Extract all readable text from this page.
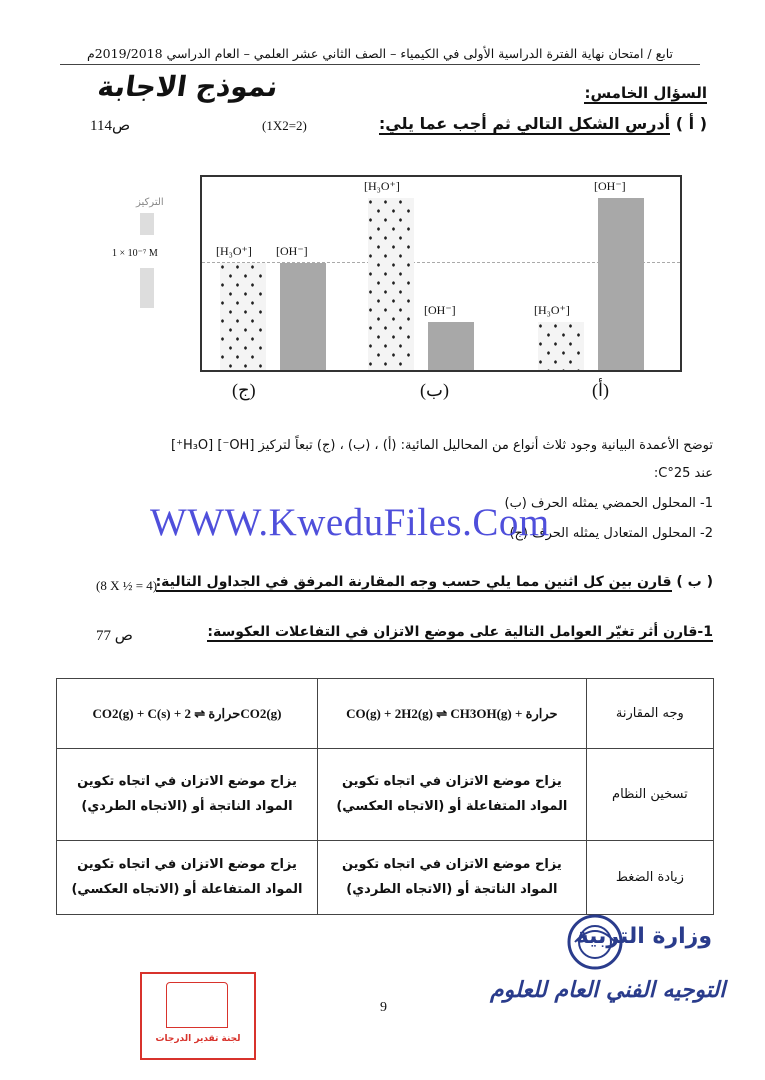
تابع / امتحان نهاية الفترة الدراسية الأولى في الكيمياء – الصف الثاني عشر العلمي – العام الدراسي 2019/2018م
نموذج الاجابة	السؤال الخامس:
( أ ) أدرس الشكل التالي ثم أجب عما يلي:
(1X2=2)
ص114
التركيز
1 × 10⁻⁷ M	[H₃O⁺] [OH⁻]
[H₃O⁺]
[OH⁻]	[H₃O⁺]
[OH⁻]
(ج)	(ب)	(أ)
توضح الأعمدة البيانية وجود ثلاث أنواع من المحاليل المائية: (أ) ، (ب) ، (ج) تبعاً لتركيز [OH⁻] [H₃O⁺]
عند 25°C:
1- المحلول الحمضي يمثله الحرف (ب)
2- المحلول المتعادل يمثله الحرف (ج)
WWW.KweduFiles.Com
( ب ) قارن بين كل اثنين مما يلي حسب وجه المقارنة المرفق في الجداول التالية:
(8 X ½ = 4)
1-قارن أثر تغيّر العوامل التالية على موضع الاتزان في التفاعلات العكوسة:
ص 77
CO2(g) + C(s) + حرارة ⇌ 2CO2(g)	CO(g) + 2H2(g) ⇌ CH3OH(g) + حرارة	وجه المقارنة
يزاح موضع الاتزان في اتجاه تكوين المواد الناتجة أو (الاتجاه الطردي)	يزاح موضع الاتزان في اتجاه تكوين المواد المتفاعلة أو (الاتجاه العكسي)	تسخين النظام
يزاح موضع الاتزان في اتجاه تكوين المواد المتفاعلة أو (الاتجاه العكسي)	يزاح موضع الاتزان في اتجاه تكوين المواد الناتجة أو (الاتجاه الطردي)	زيادة الضغط
لجنة تقدير الدرجات
9
وزارة التربية
التوجيه الفني العام للعلوم
